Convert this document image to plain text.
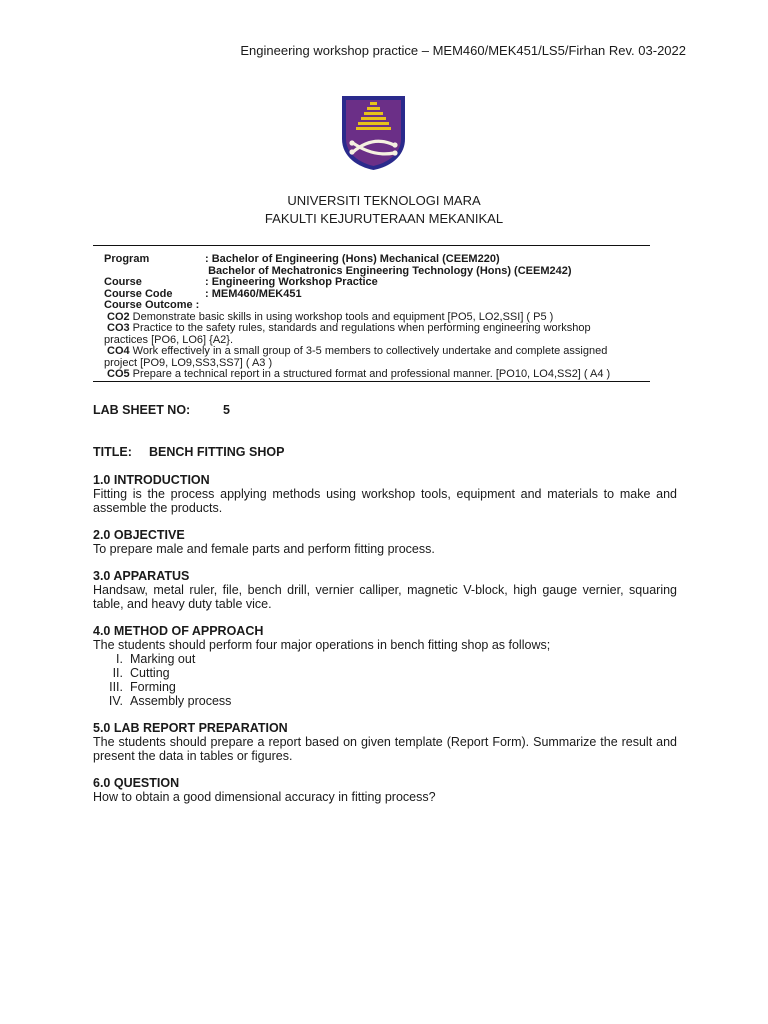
Engineering workshop practice – MEM460/MEK451/LS5/Firhan Rev. 03-2022
UNIVERSITI TEKNOLOGI MARA
FAKULTI KEJURUTERAAN MEKANIKAL
Program	: Bachelor of Engineering (Hons) Mechanical (CEEM220)
Bachelor of Mechatronics Engineering Technology (Hons) (CEEM242)
Course	: Engineering Workshop Practice
Course Code	: MEM460/MEK451
Course Outcome :
CO2 Demonstrate basic skills in using workshop tools and equipment [PO5, LO2,SSI] ( P5 )
CO3 Practice to the safety rules, standards and regulations when performing engineering workshop
practices [PO6, LO6] {A2}.
CO4 Work effectively in a small group of 3-5 members to collectively undertake and complete assigned
project [PO9, LO9,SS3,SS7] ( A3 )
CO5 Prepare a technical report in a structured format and professional manner. [PO10, LO4,SS2] ( A4 )
LAB SHEET NO:	5
TITLE:	BENCH FITTING SHOP
1.0 INTRODUCTION

Fitting is the process applying methods using workshop tools, equipment and materials to make and assemble the products.

2.0 OBJECTIVE

To prepare male and female parts and perform fitting process.

3.0 APPARATUS

Handsaw, metal ruler, file, bench drill, vernier calliper, magnetic V-block, high gauge vernier, squaring table, and heavy duty table vice.

4.0 METHOD OF APPROACH

The students should perform four major operations in bench fitting shop as follows;

I. Marking out
II. Cutting
III. Forming
IV. Assembly process
5.0 LAB REPORT PREPARATION

The students should prepare a report based on given template (Report Form). Summarize the result and present the data in tables or figures.

6.0 QUESTION

How to obtain a good dimensional accuracy in fitting process?
